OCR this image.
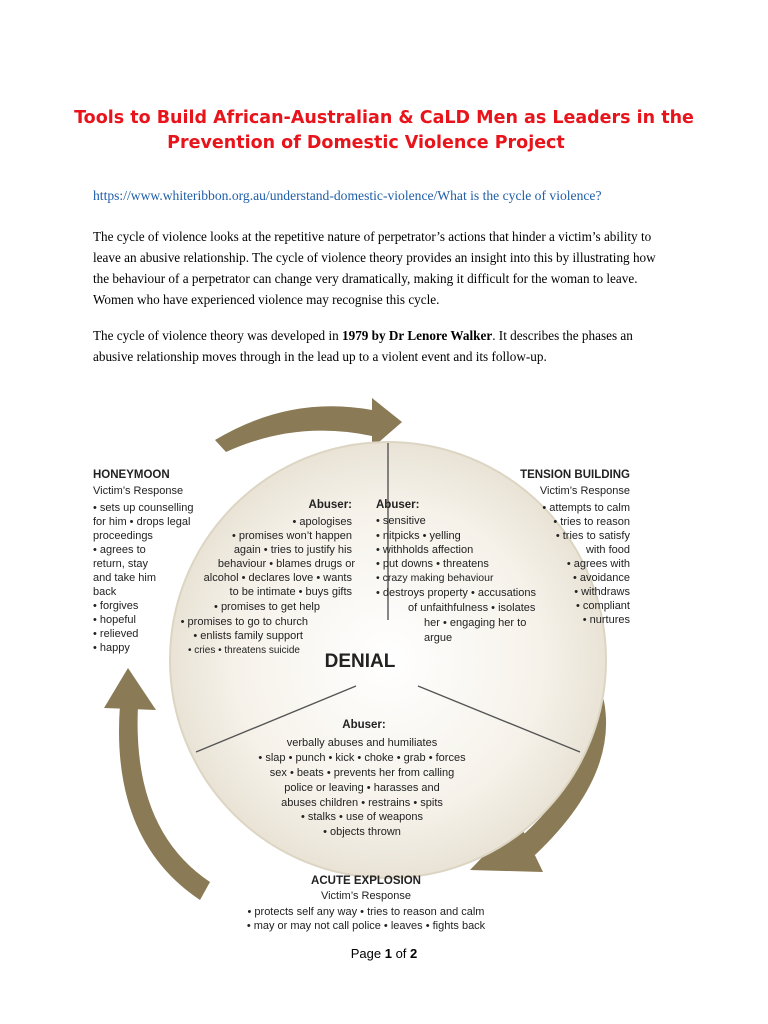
Tools to Build African-Australian & CaLD Men as Leaders in the
Prevention of Domestic Violence Project
https://www.whiteribbon.org.au/understand-domestic-violence/What is the cycle of violence?
The cycle of violence looks at the repetitive nature of perpetrator’s actions that hinder a victim’s ability to
leave an abusive relationship. The cycle of violence theory provides an insight into this by illustrating how
the behaviour of a perpetrator can change very dramatically, making it difficult for the woman to leave.
Women who have experienced violence may recognise this cycle.
The cycle of violence theory was developed in 1979 by Dr Lenore Walker. It describes the phases an
abusive relationship moves through in the lead up to a violent event and its follow-up.
DENIAL
Abuser:
• apologises
• promises won’t happen
again • tries to justify his
behaviour • blames drugs or
alcohol • declares love • wants
to be intimate • buys gifts
• promises to get help
• promises to go to church
• enlists family support
• cries • threatens suicide
Abuser:
• sensitive
• nitpicks • yelling
• withholds affection
• put downs • threatens
• crazy making behaviour
• destroys property • accusations
of unfaithfulness • isolates
her • engaging her to
argue
Abuser:
verbally abuses and humiliates
• slap • punch • kick • choke • grab • forces
sex • beats • prevents her from calling
police or leaving • harasses and
abuses children • restrains • spits
• stalks • use of weapons
• objects thrown
HONEYMOON
Victim’s Response
• sets up counselling
for him • drops legal
proceedings
• agrees to
return, stay
and take him
back
• forgives
• hopeful
• relieved
• happy
TENSION BUILDING
Victim’s Response
• attempts to calm
• tries to reason
• tries to satisfy
with food
• agrees with
• avoidance
• withdraws
• compliant
• nurtures
ACUTE EXPLOSION
Victim’s Response
• protects self any way • tries to reason and calm
• may or may not call police • leaves • fights back
Page 1 of 2
